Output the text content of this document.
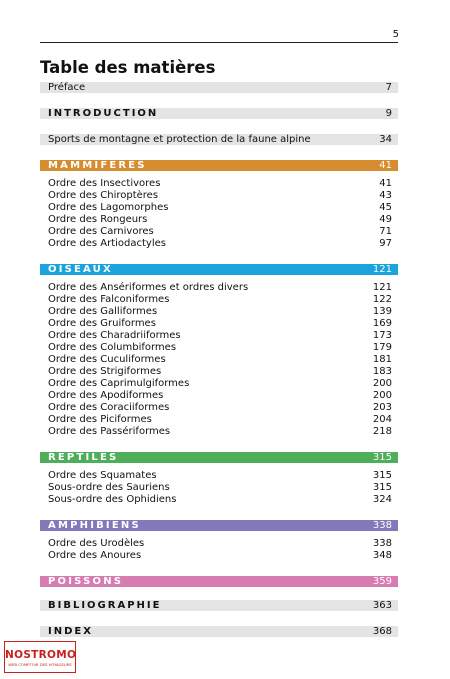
5
Table des matières
Préface	7
INTRODUCTION	9
Sports de montagne et protection de la faune alpine	34
MAMMIFERES	41
Ordre des Insectivores	41
Ordre des Chiroptères	43
Ordre des Lagomorphes	45
Ordre des Rongeurs	49
Ordre des Carnivores	71
Ordre des Artiodactyles	97
OISEAUX	121
Ordre des Ansériformes et ordres divers	121
Ordre des Falconiformes	122
Ordre des Galliformes	139
Ordre des Gruiformes	169
Ordre des Charadriiformes	173
Ordre des Columbiformes	179
Ordre des Cuculiformes	181
Ordre des Strigiformes	183
Ordre des Caprimulgiformes	200
Ordre des Apodiformes	200
Ordre des Coraciiformes	203
Ordre des Piciformes	204
Ordre des Passériformes	218
REPTILES	315
Ordre des Squamates	315
Sous-ordre des Sauriens	315
Sous-ordre des Ophidiens	324
AMPHIBIENS	338
Ordre des Urodèles	338
Ordre des Anoures	348
POISSONS	359
BIBLIOGRAPHIE	363
INDEX	368
NOSTROMO
WEB COMPTOIR DES VOYAGEURS
